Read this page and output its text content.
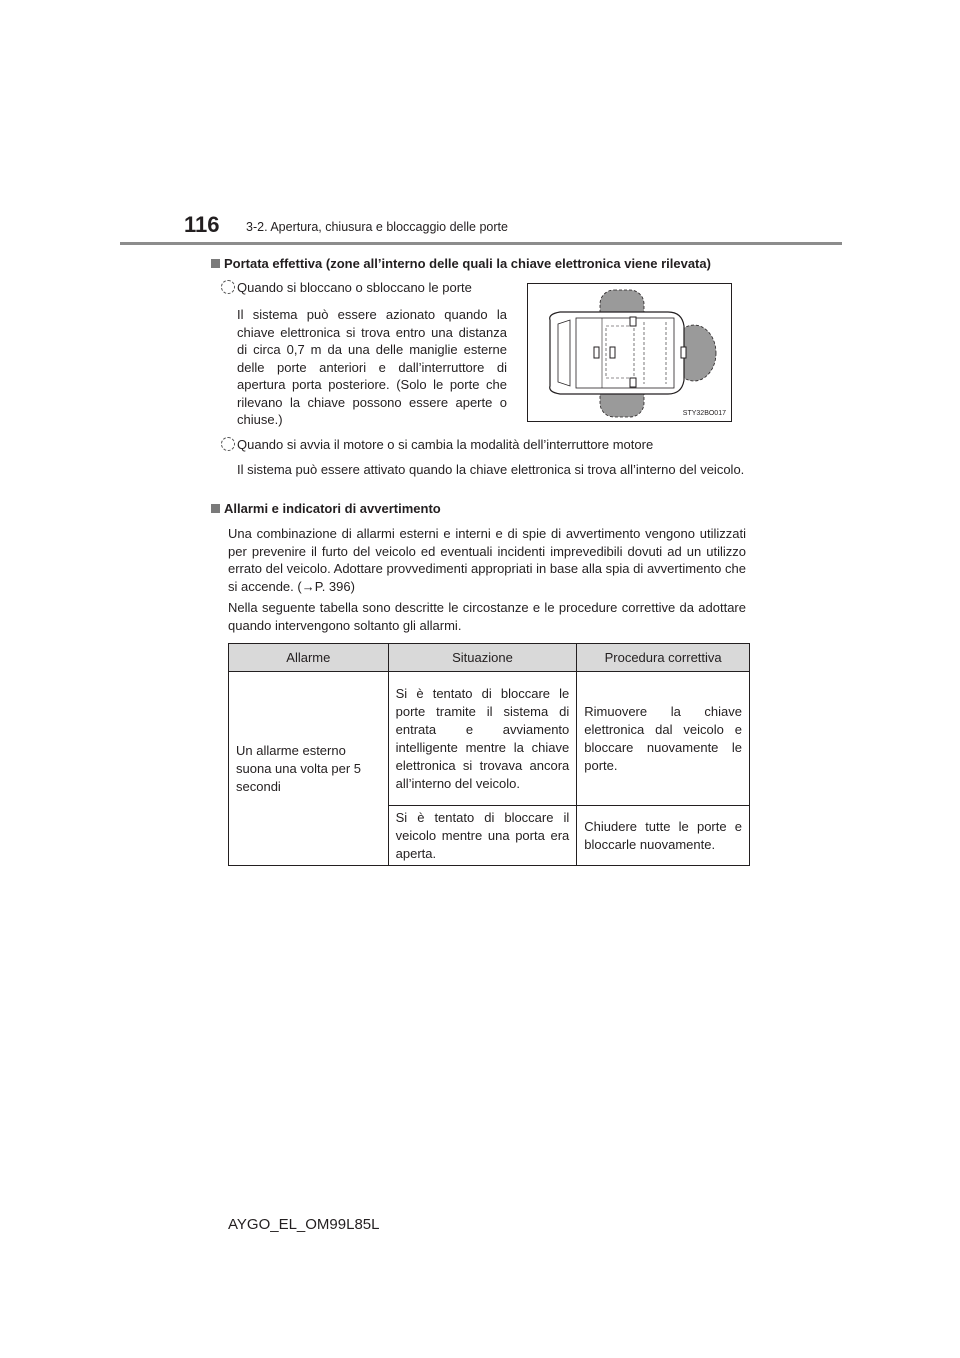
116 3-2. Apertura, chiusura e bloccaggio delle porte
Portata effettiva (zone all’interno delle quali la chiave elettronica viene rilevata)
Quando si bloccano o sbloccano le porte
Il sistema può essere azionato quando la chiave elettronica si trova entro una distanza di circa 0,7 m da una delle maniglie esterne delle porte anteriori e dall’interruttore di apertura porta posteriore. (Solo le porte che rilevano la chiave possono essere aperte o chiuse.)	STY32BO017
Quando si avvia il motore o si cambia la modalità dell’interruttore motore
Il sistema può essere attivato quando la chiave elettronica si trova all’interno del veicolo.
Allarmi e indicatori di avvertimento
Una combinazione di allarmi esterni e interni e di spie di avvertimento vengono utilizzati per prevenire il furto del veicolo ed eventuali incidenti imprevedibili dovuti ad un utilizzo errato del veicolo. Adottare provvedimenti appropriati in base alla spia di avvertimento che si accende. (→P. 396)
Nella seguente tabella sono descritte le circostanze e le procedure correttive da adottare quando intervengono soltanto gli allarmi.
Allarme	Situazione	Procedura correttiva
Un allarme esterno suona una volta per 5 secondi	Si è tentato di bloccare le porte tramite il sistema di entrata e avviamento intelligente mentre la chiave elettronica si trovava ancora all’interno del veicolo.	Rimuovere la chiave elettronica dal veicolo e bloccare nuovamente le porte.
	Si è tentato di bloccare il veicolo mentre una porta era aperta.	Chiudere tutte le porte e bloccarle nuovamente.
AYGO_EL_OM99L85L
